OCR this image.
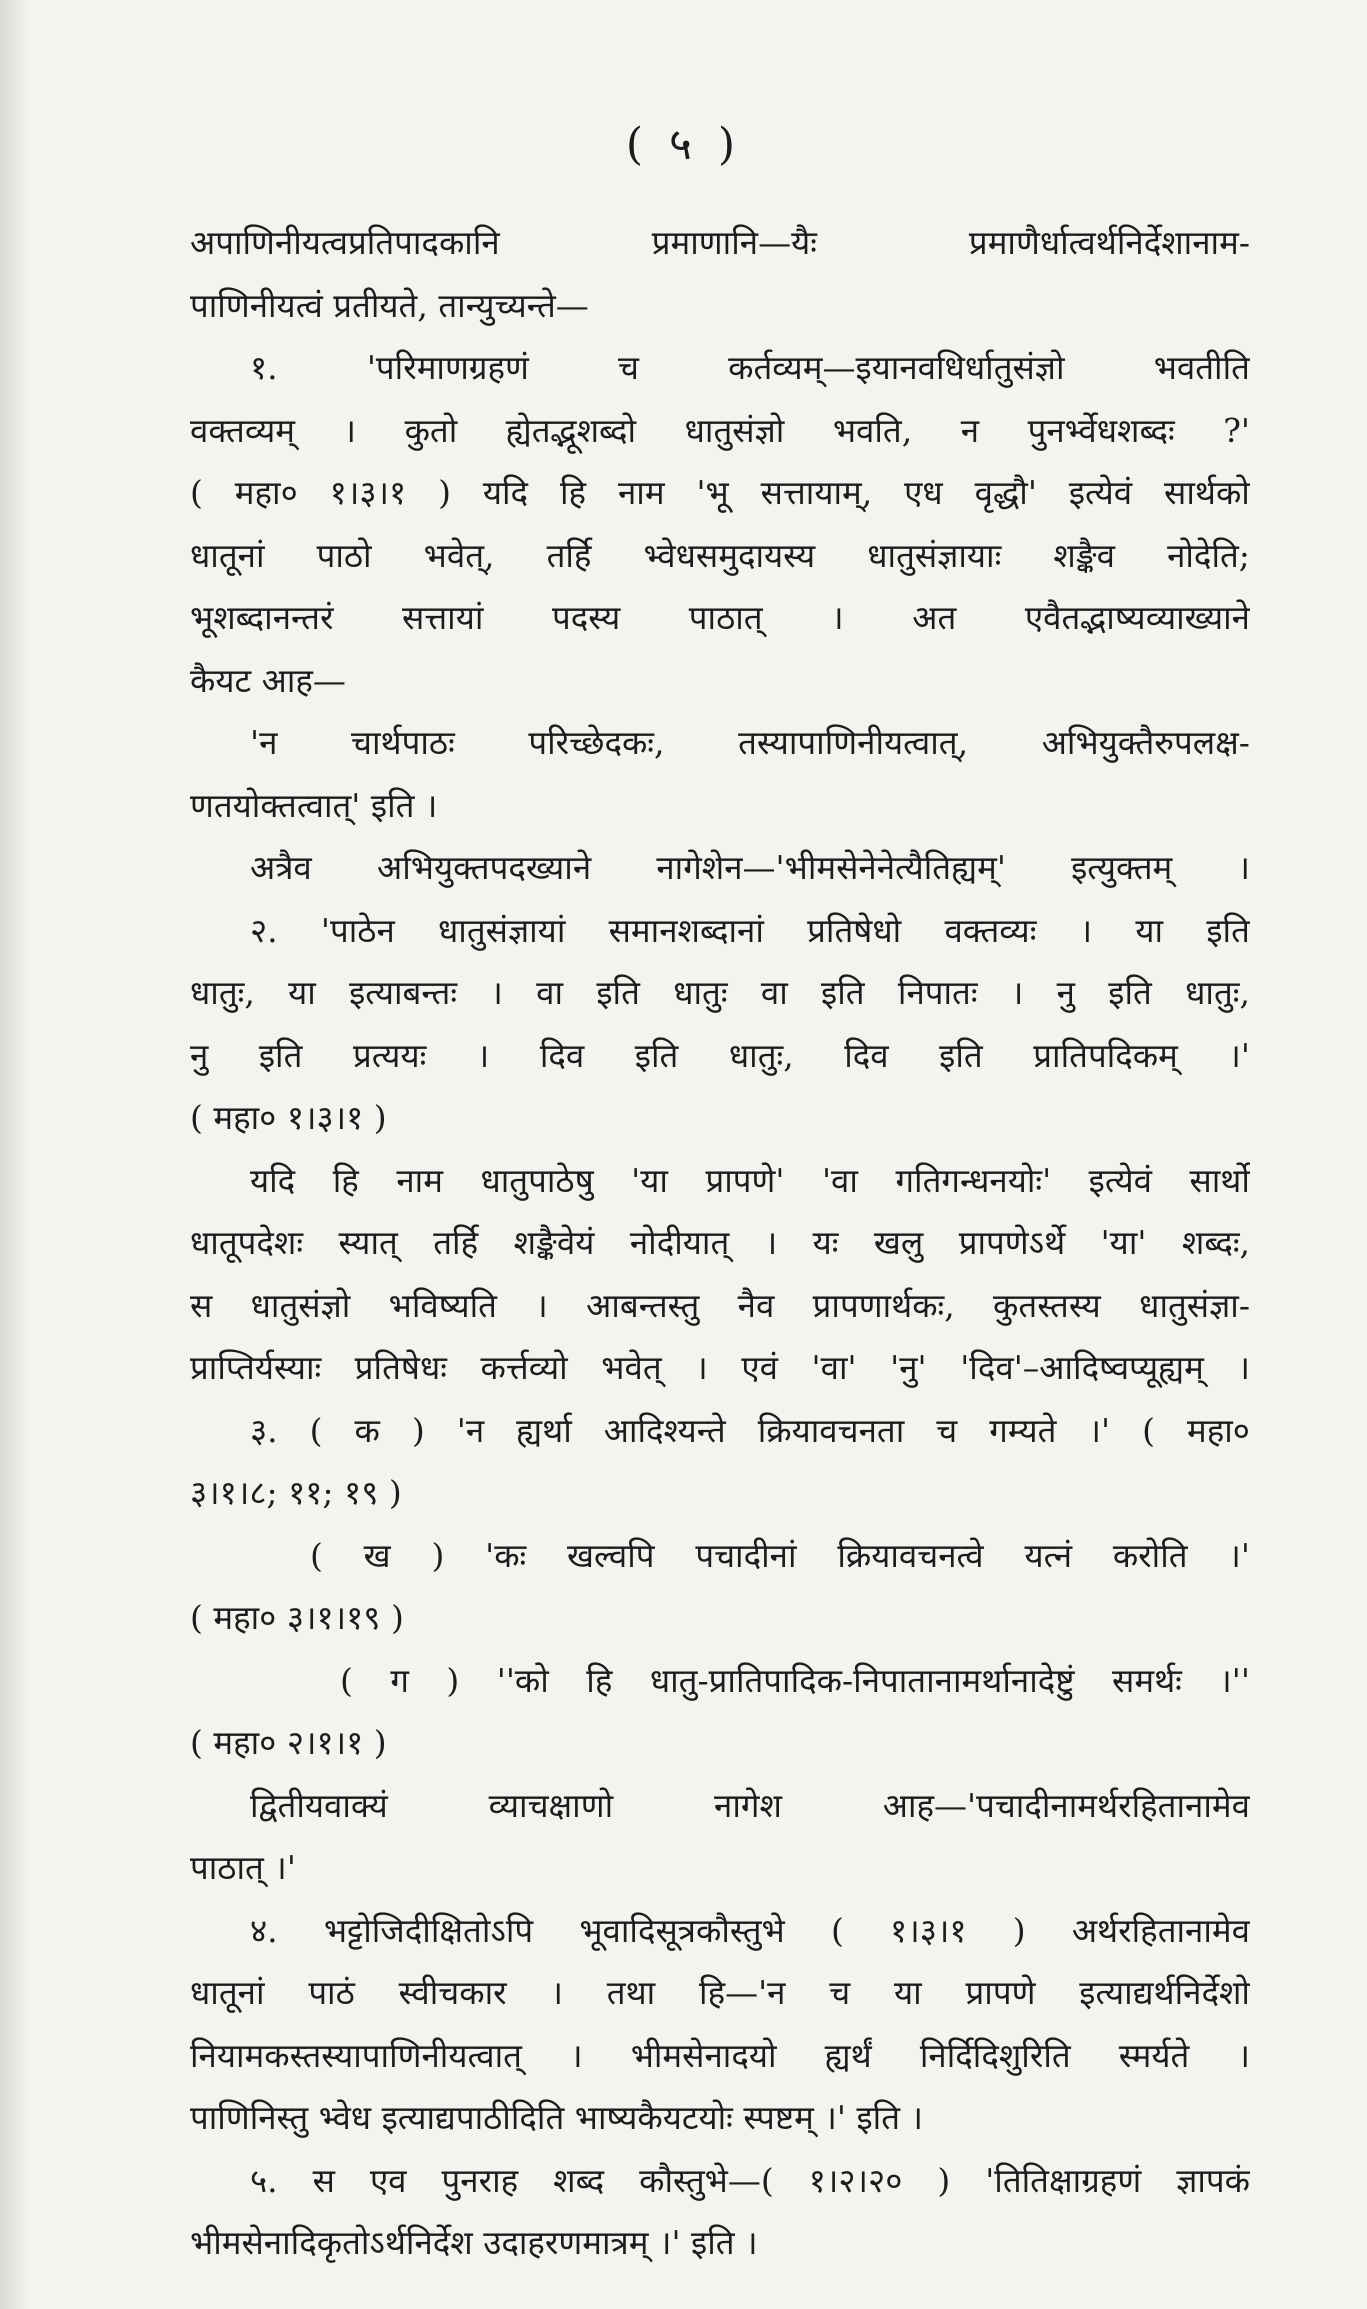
( ५ )
अपाणिनीयत्वप्रतिपादकानि	प्रमाणानि—यैः	प्रमाणैर्धात्वर्थनिर्देशानाम-
पाणिनीयत्वं प्रतीयते, तान्युच्यन्ते—
१.	'परिमाणग्रहणं	च	कर्तव्यम्—इयानवधिर्धातुसंज्ञो	भवतीति
वक्तव्यम् । कुतो ह्येतद्भूशब्दो धातुसंज्ञो भवति, न पुनर्भ्वेधशब्दः ?'
( महा० १।३।१ ) यदि हि नाम 'भू सत्तायाम्, एध वृद्धौ' इत्येवं सार्थको
धातूनां पाठो भवेत्, तर्हि भ्वेधसमुदायस्य धातुसंज्ञायाः शङ्कैव नोदेति;
भूशब्दानन्तरं सत्तायां पदस्य पाठात् । अत एवैतद्भाष्यव्याख्याने
कैयट आह—
'न चार्थपाठः परिच्छेदकः, तस्यापाणिनीयत्वात्, अभियुक्तैरुपलक्ष-
णतयोक्तत्वात्' इति ।
अत्रैव अभियुक्तपदख्याने नागेशेन—'भीमसेनेनेत्यैतिह्यम्' इत्युक्तम् ।
२. 'पाठेन धातुसंज्ञायां समानशब्दानां प्रतिषेधो वक्तव्यः । या इति
धातुः, या इत्याबन्तः । वा इति धातुः वा इति निपातः । नु इति धातुः,
नु इति प्रत्ययः । दिव इति धातुः, दिव इति प्रातिपदिकम् ।'
( महा० १।३।१ )
यदि हि नाम धातुपाठेषु 'या प्रापणे' 'वा गतिगन्धनयोः' इत्येवं सार्थो
धातूपदेशः स्यात् तर्हि शङ्कैवेयं नोदीयात् । यः खलु प्रापणेऽर्थे 'या' शब्दः,
स धातुसंज्ञो भविष्यति । आबन्तस्तु नैव प्रापणार्थकः, कुतस्तस्य धातुसंज्ञा-
प्राप्तिर्यस्याः प्रतिषेधः कर्त्तव्यो भवेत् । एवं 'वा' 'नु' 'दिव'–आदिष्वप्यूह्यम् ।
३. ( क ) 'न ह्यर्था आदिश्यन्ते क्रियावचनता च गम्यते ।' ( महा०
३।१।८; ११; १९ )
( ख ) 'कः खल्वपि पचादीनां क्रियावचनत्वे यत्नं करोति ।'
( महा० ३।१।१९ )
( ग ) ''को हि धातु-प्रातिपादिक-निपातानामर्थानादेष्टुं समर्थः ।''
( महा० २।१।१ )
द्वितीयवाक्यं	व्याचक्षाणो	नागेश	आह—'पचादीनामर्थरहितानामेव
पाठात् ।'
४. भट्टोजिदीक्षितोऽपि भूवादिसूत्रकौस्तुभे ( १।३।१ ) अर्थरहितानामेव
धातूनां पाठं स्वीचकार । तथा हि—'न च या प्रापणे इत्याद्यर्थनिर्देशो
नियामकस्तस्यापाणिनीयत्वात् । भीमसेनादयो ह्यर्थं निर्दिदिशुरिति स्मर्यते ।
पाणिनिस्तु भ्वेध इत्याद्यपाठीदिति भाष्यकैयटयोः स्पष्टम् ।' इति ।
५. स एव पुनराह शब्द कौस्तुभे—( १।२।२० ) 'तितिक्षाग्रहणं ज्ञापकं
भीमसेनादिकृतोऽर्थनिर्देश उदाहरणमात्रम् ।' इति ।
